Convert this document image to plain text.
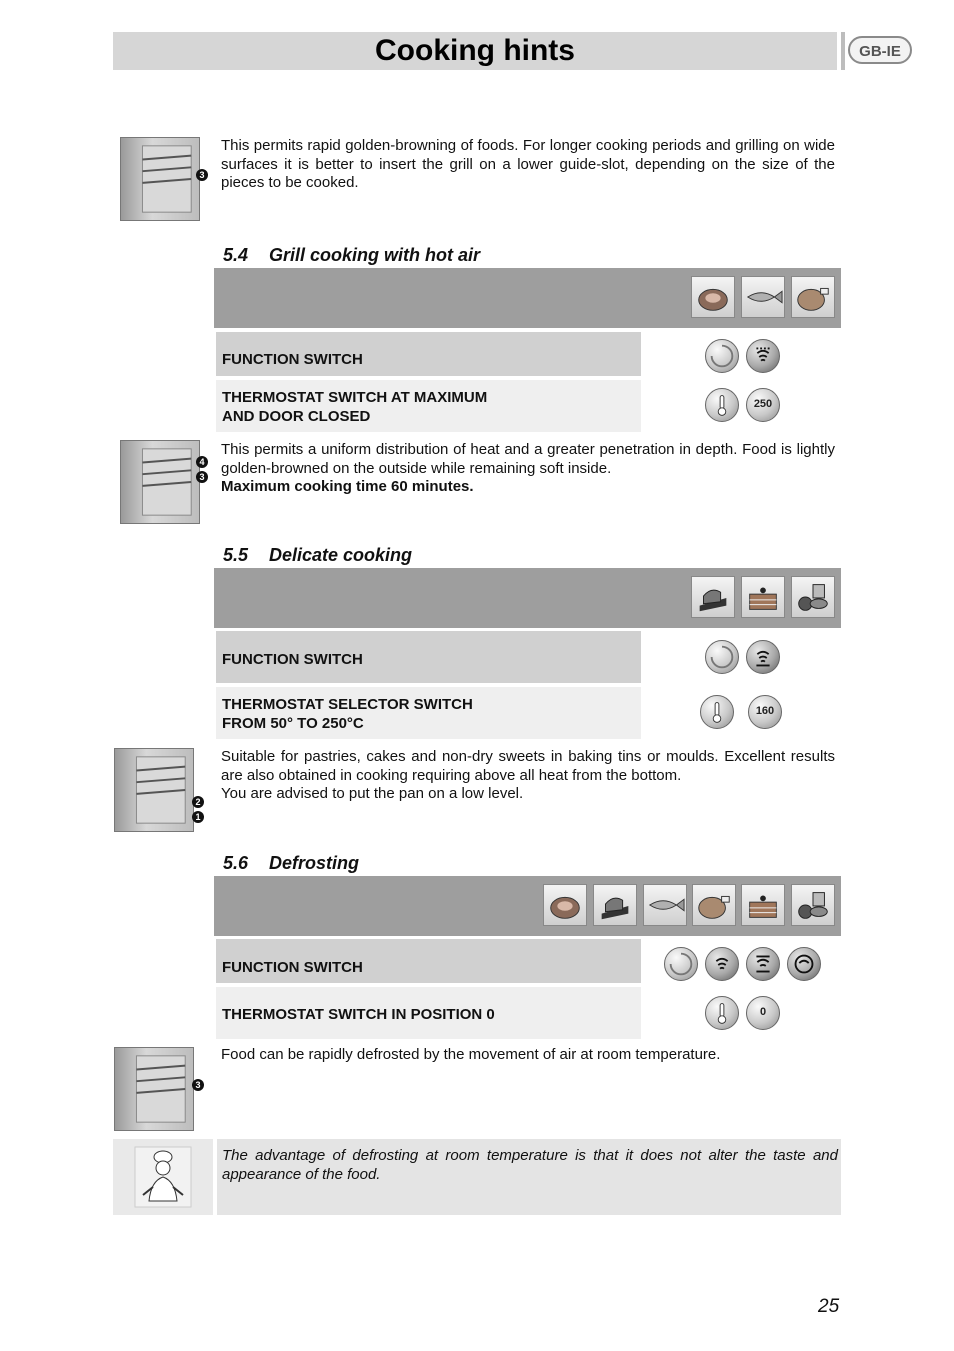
Cooking hints	GB-IE
3
This permits rapid golden-browning of foods. For longer cooking periods and grilling on wide surfaces it is better to insert the grill on a lower guide-slot, depending on the size of the pieces to be cooked.
5.4 Grill cooking with hot air
FUNCTION SWITCH
THERMOSTAT SWITCH AT MAXIMUM
AND DOOR CLOSED
250
4
3
This permits a uniform distribution of heat and a greater penetration in depth. Food is lightly golden-browned on the outside while remaining soft inside.
Maximum cooking time 60 minutes.
5.5 Delicate cooking
FUNCTION SWITCH
THERMOSTAT SELECTOR SWITCH
FROM 50° TO 250°C
160
2
1
Suitable for pastries, cakes and non-dry sweets in baking tins or moulds. Excellent results are also obtained in cooking requiring above all heat from the bottom.
You are advised to put the pan on a low level.
5.6 Defrosting
FUNCTION SWITCH
THERMOSTAT SWITCH IN POSITION 0	0
3
Food can be rapidly defrosted by the movement of air at room temperature.
The advantage of defrosting at room temperature is that it does not alter the taste and appearance of the food.
25
